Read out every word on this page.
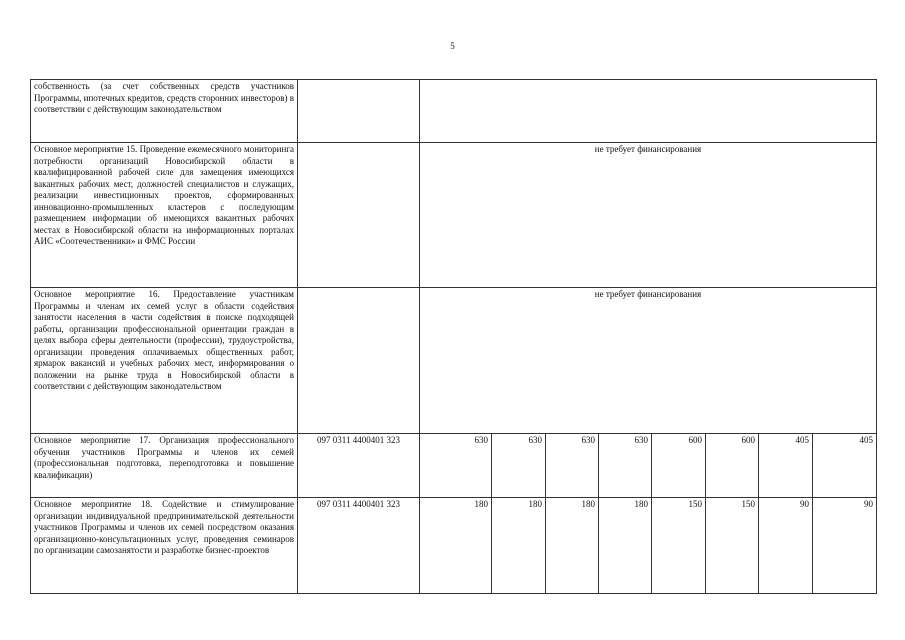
5
собственность (за счет собственных средств участников Программы, ипотечных кредитов, средств сторонних инвесторов) в соответствии с действующим законодательством									
Основное мероприятие 15. Проведение ежемесячного мониторинга потребности организаций Новосибирской области в квалифицированной рабочей силе для замещения имеющихся вакантных рабочих мест, должностей специалистов и служащих, реализации инвестиционных проектов, сформированных инновационно-промышленных кластеров с последующим размещением информации об имеющихся вакантных рабочих местах в Новосибирской области на информационных порталах АИС «Соотечественники» и ФМС России		не требует финансирования							
Основное мероприятие 16. Предоставление участникам Программы и членам их семей услуг в области содействия занятости населения в части содействия в поиске подходящей работы, организации профессиональной ориентации граждан в целях выбора сферы деятельности (профессии), трудоустройства, организации проведения оплачиваемых общественных работ, ярмарок вакансий и учебных рабочих мест, информирования о положении на рынке труда в Новосибирской области в соответствии с действующим законодательством		не требует финансирования							
Основное мероприятие 17. Организация профессионального обучения участников Программы и членов их семей (профессиональная подготовка, переподготовка и повышение квалификации)	097 0311 4400401 323	630	630	630	630	600	600	405	405
Основное мероприятие 18. Содействие и стимулирование организации индивидуальной предпринимательской деятельности участников Программы и членов их семей посредством оказания организационно-консультационных услуг, проведения семинаров по организации самозанятости и разработке бизнес-проектов	097 0311 4400401 323	180	180	180	180	150	150	90	90
